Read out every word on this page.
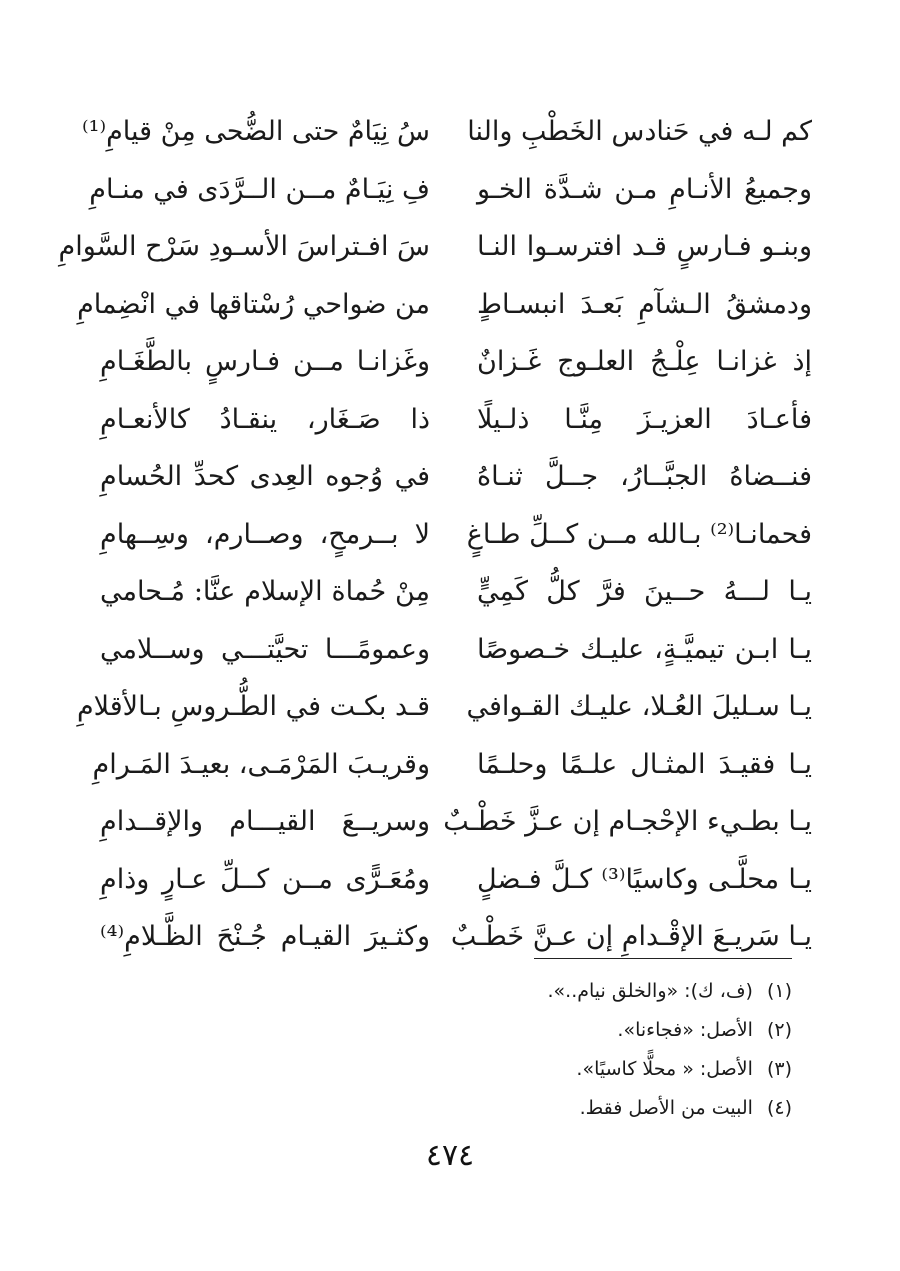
كم لـه في حَنادس الخَطْبِ والنا
سُ نِيَامٌ حتى الضُّحى مِنْ قيامِ⁽¹⁾
وجميعُ الأنـامِ مـن شـدَّة الخـو
فِ نِيَـامٌ مــن الــرَّدَى في منـامِ
وبنـو فـارسٍ قـد افترسـوا النـا
سَ افـتراسَ الأسـودِ سَرْح السَّوامِ
ودمشقُ الـشآمِ بَعـدَ انبسـاطٍ
من ضواحي رُسْتاقها في انْضِمامِ
إذ غزانـا عِلْـجُ العلـوج غَـزانٌ
وغَزانـا مــن فـارسٍ بالطَّغَـامِ
فأعـادَ العزيـزَ مِنَّـا ذلـيلًا
ذا صَـغَار، ينقـادُ كالأنعـامِ
فنــضاهُ الجبَّــارُ، جــلَّ ثنـاهُ
في وُجوه العِدى كحدِّ الحُسامِ
فحمانـا⁽²⁾ بـالله مــن كــلِّ طـاغٍ
لا بــرمحٍ، وصــارم، وسِــهامِ
يـا لـــهُ حــينَ فرَّ كلُّ كَمِيٍّ
مِنْ حُماة الإسلام عنَّا: مُـحامي
يـا ابـن تيميَّـةٍ، عليـك خـصوصًا
وعمومًـــا تحيَّتـــي وســلامي
يـا سـليلَ العُـلا، عليـك القـوافي
قـد بكـت في الطُّـروسِ بـالأقلامِ
يـا فقيـدَ المثـال علـمًا وحلـمًا
وقريـبَ المَرْمَـى، بعيـدَ المَـرامِ
يـا بطـيء الإحْجـام إن عـزَّ خَطْـبٌ
وسريــعَ القيـــام والإقــدامِ
يـا محلَّـى وكاسيًا⁽³⁾ كـلَّ فـضلٍ
ومُعَـرًّى مــن كــلِّ عـارٍ وذامِ
يـا سَريـعَ الإقْـدامِ إن عـنَّ خَطْـبٌ
وكثـيرَ القيـام جُـنْحَ الظَّـلامِ⁽⁴⁾
(١)(ف، ك): «والخلق نيام..».
(٢)الأصل: «فجاءنا».
(٣)الأصل: « محلًّا كاسيًا».
(٤)البيت من الأصل فقط.
٤٧٤
